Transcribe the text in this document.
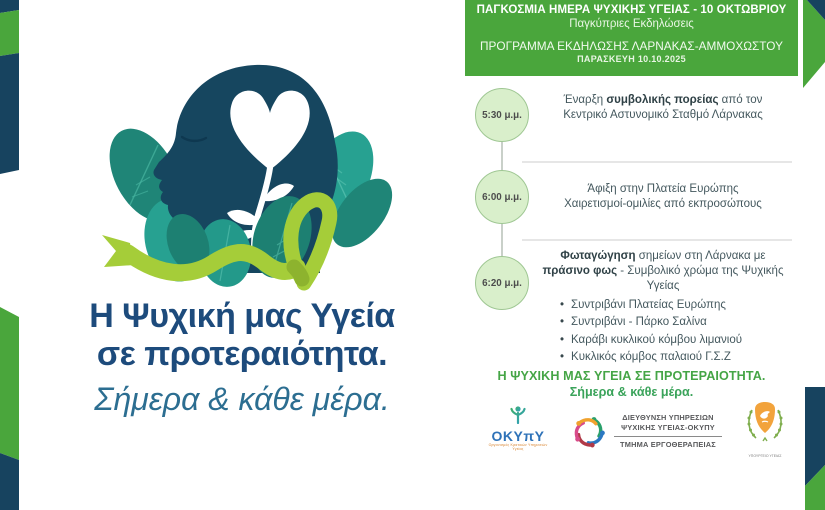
Η Ψυχική μας Υγεία
σε προτεραιότητα.
Σήμερα & κάθε μέρα.
ΠΑΓΚΟΣΜΙΑ ΗΜΕΡΑ ΨΥΧΙΚΗΣ ΥΓΕΙΑΣ - 10 ΟΚΤΩΒΡΙΟΥ
Παγκύπριες Εκδηλώσεις
ΠΡΟΓΡΑΜΜΑ ΕΚΔΗΛΩΣΗΣ ΛΑΡΝΑΚΑΣ-ΑΜΜΟΧΩΣΤΟΥ
ΠΑΡΑΣΚΕΥΗ 10.10.2025
5:30 μ.μ.
Έναρξη συμβολικής πορείας από τον
Κεντρικό Αστυνομικό Σταθμό Λάρνακας
6:00 μ.μ.
Άφιξη στην Πλατεία Ευρώπης
Χαιρετισμοί-ομιλίες από εκπροσώπους
6:20 μ.μ.
Φωταγώγηση σημείων στη Λάρνακα με
πράσινο φως - Συμβολικό χρώμα της Ψυχικής
Υγείας
• Συντριβάνι Πλατείας Ευρώπης
• Συντριβάνι - Πάρκο Σαλίνα
• Καράβι κυκλικού κόμβου λιμανιού
• Κυκλικός κόμβος παλαιού Γ.Σ.Ζ
Η ΨΥΧΙΚΗ ΜΑΣ ΥΓΕΙΑ ΣΕ ΠΡΟΤΕΡΑΙΟΤΗΤΑ.
Σήμερα & κάθε μέρα.
ΟΚΥπΥ
Οργανισμός Κρατικών Υπηρεσιών Υγείας
ΔΙΕΥΘΥΝΣΗ ΥΠΗΡΕΣΙΩΝ
ΨΥΧΙΚΗΣ ΥΓΕΙΑΣ-ΟΚΥΠΥ
ΤΜΗΜΑ ΕΡΓΟΘΕΡΑΠΕΙΑΣ
ΥΠΟΥΡΓΕΙΟ ΥΓΕΙΑΣ
